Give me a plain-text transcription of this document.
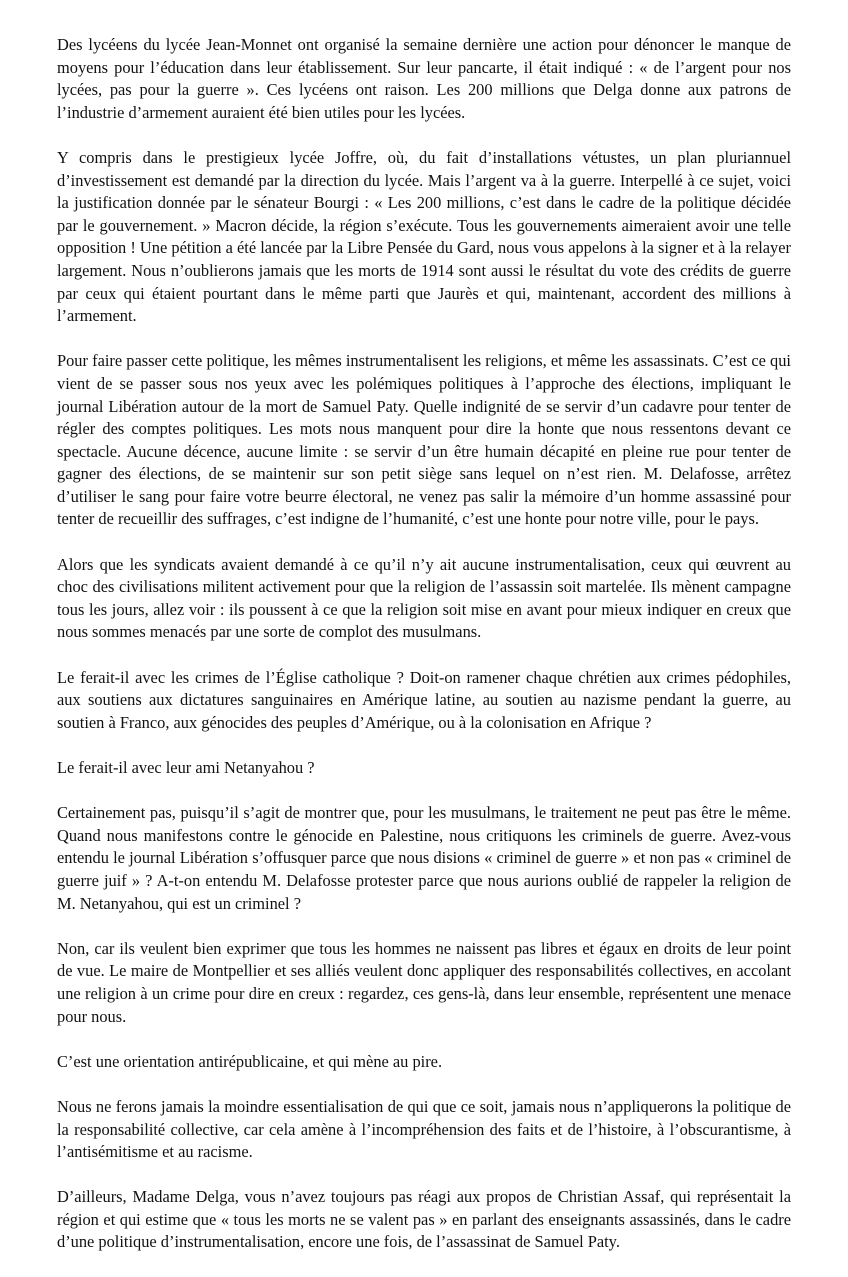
Des lycéens du lycée Jean-Monnet ont organisé la semaine dernière une action pour dénoncer le manque de moyens pour l’éducation dans leur établissement. Sur leur pancarte, il était indiqué : « de l’argent pour nos lycées, pas pour la guerre ». Ces lycéens ont raison. Les 200 millions que Delga donne aux patrons de l’industrie d’armement auraient été bien utiles pour les lycées.

Y compris dans le prestigieux lycée Joffre, où, du fait d’installations vétustes, un plan pluriannuel d’investissement est demandé par la direction du lycée. Mais l’argent va à la guerre. Interpellé à ce sujet, voici la justification donnée par le sénateur Bourgi : « Les 200 millions, c’est dans le cadre de la politique décidée par le gouvernement. » Macron décide, la région s’exécute. Tous les gouvernements aimeraient avoir une telle opposition ! Une pétition a été lancée par la Libre Pensée du Gard, nous vous appelons à la signer et à la relayer largement. Nous n’oublierons jamais que les morts de 1914 sont aussi le résultat du vote des crédits de guerre par ceux qui étaient pourtant dans le même parti que Jaurès et qui, maintenant, accordent des millions à l’armement.

Pour faire passer cette politique, les mêmes instrumentalisent les religions, et même les assassinats. C’est ce qui vient de se passer sous nos yeux avec les polémiques politiques à l’approche des élections, impliquant le journal Libération autour de la mort de Samuel Paty. Quelle indignité de se servir d’un cadavre pour tenter de régler des comptes politiques. Les mots nous manquent pour dire la honte que nous ressentons devant ce spectacle. Aucune décence, aucune limite : se servir d’un être humain décapité en pleine rue pour tenter de gagner des élections, de se maintenir sur son petit siège sans lequel on n’est rien. M. Delafosse, arrêtez d’utiliser le sang pour faire votre beurre électoral, ne venez pas salir la mémoire d’un homme assassiné pour tenter de recueillir des suffrages, c’est indigne de l’humanité, c’est une honte pour notre ville, pour le pays.

Alors que les syndicats avaient demandé à ce qu’il n’y ait aucune instrumentalisation, ceux qui œuvrent au choc des civilisations militent activement pour que la religion de l’assassin soit martelée. Ils mènent campagne tous les jours, allez voir : ils poussent à ce que la religion soit mise en avant pour mieux indiquer en creux que nous sommes menacés par une sorte de complot des musulmans.

Le ferait-il avec les crimes de l’Église catholique ? Doit-on ramener chaque chrétien aux crimes pédophiles, aux soutiens aux dictatures sanguinaires en Amérique latine, au soutien au nazisme pendant la guerre, au soutien à Franco, aux génocides des peuples d’Amérique, ou à la colonisation en Afrique ?

Le ferait-il avec leur ami Netanyahou ?

Certainement pas, puisqu’il s’agit de montrer que, pour les musulmans, le traitement ne peut pas être le même. Quand nous manifestons contre le génocide en Palestine, nous critiquons les criminels de guerre. Avez-vous entendu le journal Libération s’offusquer parce que nous disions « criminel de guerre » et non pas « criminel de guerre juif » ? A-t-on entendu M. Delafosse protester parce que nous aurions oublié de rappeler la religion de M. Netanyahou, qui est un criminel ?

Non, car ils veulent bien exprimer que tous les hommes ne naissent pas libres et égaux en droits de leur point de vue. Le maire de Montpellier et ses alliés veulent donc appliquer des responsabilités collectives, en accolant une religion à un crime pour dire en creux : regardez, ces gens-là, dans leur ensemble, représentent une menace pour nous.

C’est une orientation antirépublicaine, et qui mène au pire.

Nous ne ferons jamais la moindre essentialisation de qui que ce soit, jamais nous n’appliquerons la politique de la responsabilité collective, car cela amène à l’incompréhension des faits et de l’histoire, à l’obscurantisme, à l’antisémitisme et au racisme.

D’ailleurs, Madame Delga, vous n’avez toujours pas réagi aux propos de Christian Assaf, qui représentait la région et qui estime que « tous les morts ne se valent pas » en parlant des enseignants assassinés, dans le cadre d’une politique d’instrumentalisation, encore une fois, de l’assassinat de Samuel Paty.
